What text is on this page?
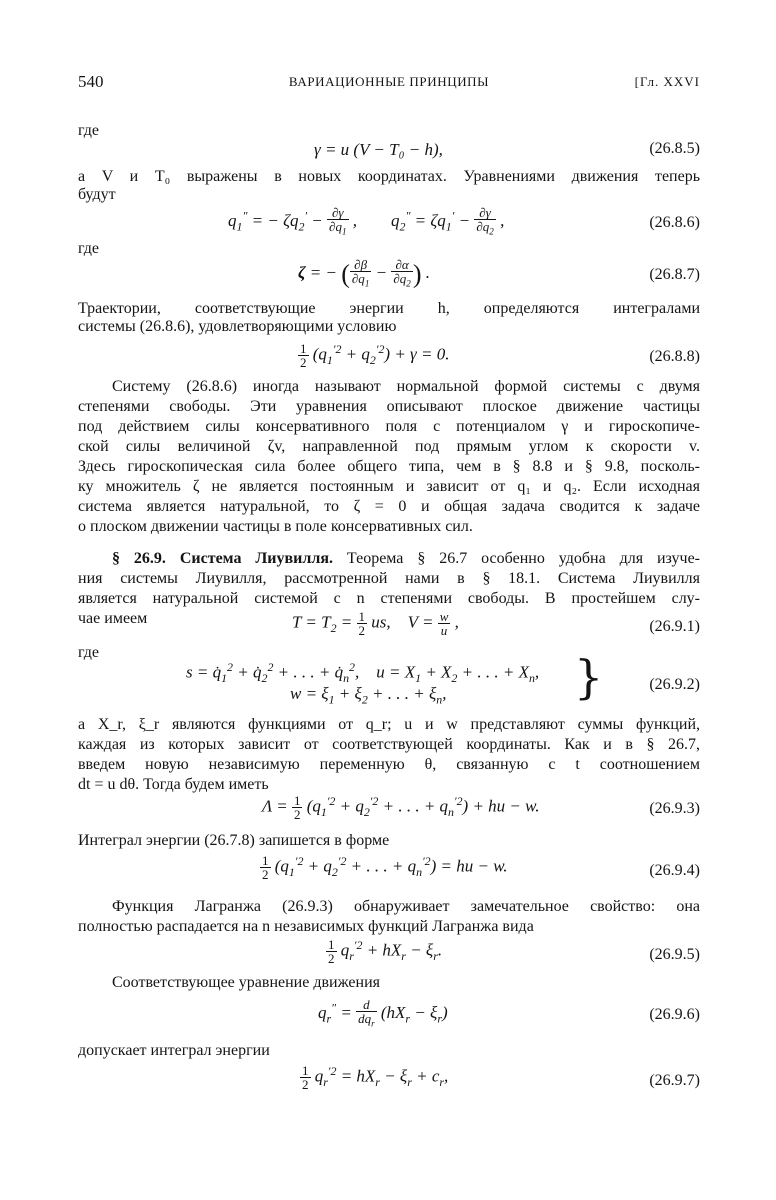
540	ВАРИАЦИОННЫЕ ПРИНЦИПЫ	[Гл. XXVI
где
γ = u (V − T₀ − h),	(26.8.5)
а V и T₀ выражены в новых координатах. Уравнениями движения теперь
будут
$q_1''$ = − $\zeta q_2' - \frac{\partial\gamma}{\partial q_1}$ ,        $q_2'' = \zeta q_1' - \frac{\partial\gamma}{\partial q_2}$ ,	(26.8.6)
где
ζ = − ( $\frac{\partial\beta}{\partial q_1} - \frac{\partial\alpha}{\partial q_2}$ ) .	(26.8.7)
Траектории, соответствующие энергии h, определяются интегралами
системы (26.8.6), удовлетворяющими условию
$\frac{1}{2} (q_1^{'2} + q_2^{'2}) + \gamma = 0$.	(26.8.8)
Систему (26.8.6) иногда называют нормальной формой системы с двумя
степенями свободы. Эти уравнения описывают плоское движение частицы
под действием силы консервативного поля с потенциалом γ и гироскопиче-
ской силы величиной ζv, направленной под прямым углом к скорости v.
Здесь гироскопическая сила более общего типа, чем в § 8.8 и § 9.8, посколь-
ку множитель ζ не является постоянным и зависит от q₁ и q₂. Если исходная
система является натуральной, то ζ = 0 и общая задача сводится к задаче
о плоском движении частицы в поле консервативных сил.
§ 26.9. Система Лиувилля. Теорема § 26.7 особенно удобна для изуче-
ния системы Лиувилля, рассмотренной нами в § 18.1. Система Лиувилля
является натуральной системой с n степенями свободы. В простейшем слу-
чае имеем	$T = T_2 = \frac{1}{2}$ us,    $V = \frac{w}{u}$ ,	(26.9.1)
где
$s = q̇_1^2$ + $q̇_2^2$ + . . . + $q̇_n^2$,    $u = X_1 + X_2$ + . . . + $X_n$,
$w = \xi_1 + \xi_2$ + . . . + $\xi_n$,	}	(26.9.2)
а X_r, ξ_r являются функциями от q_r; u и w представляют суммы функций,
каждая из которых зависит от соответствующей координаты. Как и в § 26.7,
введем новую независимую переменную θ, связанную с t соотношением
dt = u dθ. Тогда будем иметь
$\Lambda = \frac{1}{2} (q_1^{'2} + q_2^{'2}$ + . . . + $q_n^{'2}$) + hu − w.	(26.9.3)
Интеграл энергии (26.7.8) запишется в форме
$\frac{1}{2} (q_1^{'2} + q_2^{'2}$ + . . . + $q_n^{'2}$) = hu − w.	(26.9.4)
Функция Лагранжа (26.9.3) обнаруживает замечательное свойство: она
полностью распадается на n независимых функций Лагранжа вида
$\frac{1}{2} q_r^{'2} + hX_r - \xi_r$.	(26.9.5)
Соответствующее уравнение движения
$q_r'' = \frac{d}{dq_r} (hX_r - \xi_r)$	(26.9.6)
допускает интеграл энергии
$\frac{1}{2} q_r^{'2} = hX_r - \xi_r + c_r$,	(26.9.7)
